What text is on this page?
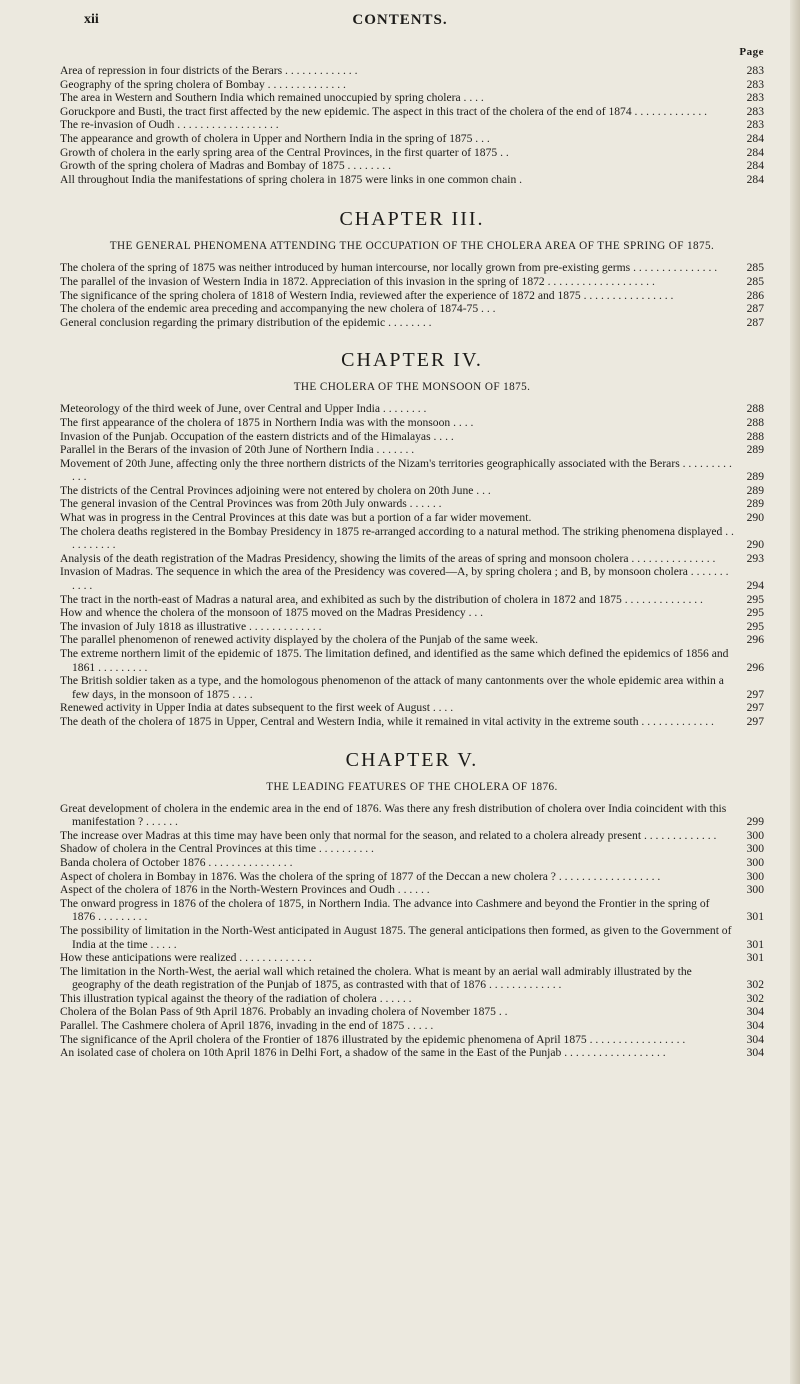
xii	CONTENTS.
Page
Area of repression in four districts of the Berars . . . . . . . . . . . . .	283
Geography of the spring cholera of Bombay . . . . . . . . . . . . . .	283
The area in Western and Southern India which remained unoccupied by spring cholera . . . .	283
Goruckpore and Busti, the tract first affected by the new epidemic. The aspect in this tract of the cholera of the end of 1874 . . . . . . . . . . . . .	283
The re-invasion of Oudh . . . . . . . . . . . . . . . . . .	283
The appearance and growth of cholera in Upper and Northern India in the spring of 1875 . . .	284
Growth of cholera in the early spring area of the Central Provinces, in the first quarter of 1875 . .	284
Growth of the spring cholera of Madras and Bombay of 1875 . . . . . . . .	284
All throughout India the manifestations of spring cholera in 1875 were links in one common chain .	284
CHAPTER III.
THE GENERAL PHENOMENA ATTENDING THE OCCUPATION OF THE CHOLERA AREA OF THE SPRING OF 1875.
The cholera of the spring of 1875 was neither introduced by human intercourse, nor locally grown from pre-existing germs . . . . . . . . . . . . . . .	285
The parallel of the invasion of Western India in 1872. Appreciation of this invasion in the spring of 1872 . . . . . . . . . . . . . . . . . . .	285
The significance of the spring cholera of 1818 of Western India, reviewed after the experience of 1872 and 1875 . . . . . . . . . . . . . . . .	286
The cholera of the endemic area preceding and accompanying the new cholera of 1874-75 . . .	287
General conclusion regarding the primary distribution of the epidemic . . . . . . . .	287
CHAPTER IV.
THE CHOLERA OF THE MONSOON OF 1875.
Meteorology of the third week of June, over Central and Upper India . . . . . . . .	288
The first appearance of the cholera of 1875 in Northern India was with the monsoon . . . .	288
Invasion of the Punjab. Occupation of the eastern districts and of the Himalayas . . . .	288
Parallel in the Berars of the invasion of 20th June of Northern India . . . . . . .	289
Movement of 20th June, affecting only the three northern districts of the Nizam's territories geographically associated with the Berars . . . . . . . . . . . .	289
The districts of the Central Provinces adjoining were not entered by cholera on 20th June . . .	289
The general invasion of the Central Provinces was from 20th July onwards . . . . . .	289
What was in progress in the Central Provinces at this date was but a portion of a far wider movement.	290
The cholera deaths registered in the Bombay Presidency in 1875 re-arranged according to a natural method. The striking phenomena displayed . . . . . . . . . .	290
Analysis of the death registration of the Madras Presidency, showing the limits of the areas of spring and monsoon cholera . . . . . . . . . . . . . . .	293
Invasion of Madras. The sequence in which the area of the Presidency was covered—A, by spring cholera ; and B, by monsoon cholera . . . . . . . . . . .	294
The tract in the north-east of Madras a natural area, and exhibited as such by the distribution of cholera in 1872 and 1875 . . . . . . . . . . . . . .	295
How and whence the cholera of the monsoon of 1875 moved on the Madras Presidency . . .	295
The invasion of July 1818 as illustrative . . . . . . . . . . . . .	295
The parallel phenomenon of renewed activity displayed by the cholera of the Punjab of the same week.	296
The extreme northern limit of the epidemic of 1875. The limitation defined, and identified as the same which defined the epidemics of 1856 and 1861 . . . . . . . . .	296
The British soldier taken as a type, and the homologous phenomenon of the attack of many cantonments over the whole epidemic area within a few days, in the monsoon of 1875 . . . .	297
Renewed activity in Upper India at dates subsequent to the first week of August . . . .	297
The death of the cholera of 1875 in Upper, Central and Western India, while it remained in vital activity in the extreme south . . . . . . . . . . . . .	297
CHAPTER V.
THE LEADING FEATURES OF THE CHOLERA OF 1876.
Great development of cholera in the endemic area in the end of 1876. Was there any fresh distribution of cholera over India coincident with this manifestation ? . . . . . .	299
The increase over Madras at this time may have been only that normal for the season, and related to a cholera already present . . . . . . . . . . . . .	300
Shadow of cholera in the Central Provinces at this time . . . . . . . . . .	300
Banda cholera of October 1876 . . . . . . . . . . . . . . .	300
Aspect of cholera in Bombay in 1876. Was the cholera of the spring of 1877 of the Deccan a new cholera ? . . . . . . . . . . . . . . . . . .	300
Aspect of the cholera of 1876 in the North-Western Provinces and Oudh . . . . . .	300
The onward progress in 1876 of the cholera of 1875, in Northern India. The advance into Cashmere and beyond the Frontier in the spring of 1876 . . . . . . . . .	301
The possibility of limitation in the North-West anticipated in August 1875. The general anticipations then formed, as given to the Government of India at the time . . . . .	301
How these anticipations were realized . . . . . . . . . . . . .	301
The limitation in the North-West, the aerial wall which retained the cholera. What is meant by an aerial wall admirably illustrated by the geography of the death registration of the Punjab of 1875, as contrasted with that of 1876 . . . . . . . . . . . . .	302
This illustration typical against the theory of the radiation of cholera . . . . . .	302
Cholera of the Bolan Pass of 9th April 1876. Probably an invading cholera of November 1875 . .	304
Parallel. The Cashmere cholera of April 1876, invading in the end of 1875 . . . . .	304
The significance of the April cholera of the Frontier of 1876 illustrated by the epidemic phenomena of April 1875 . . . . . . . . . . . . . . . . .	304
An isolated case of cholera on 10th April 1876 in Delhi Fort, a shadow of the same in the East of the Punjab . . . . . . . . . . . . . . . . . .	304
